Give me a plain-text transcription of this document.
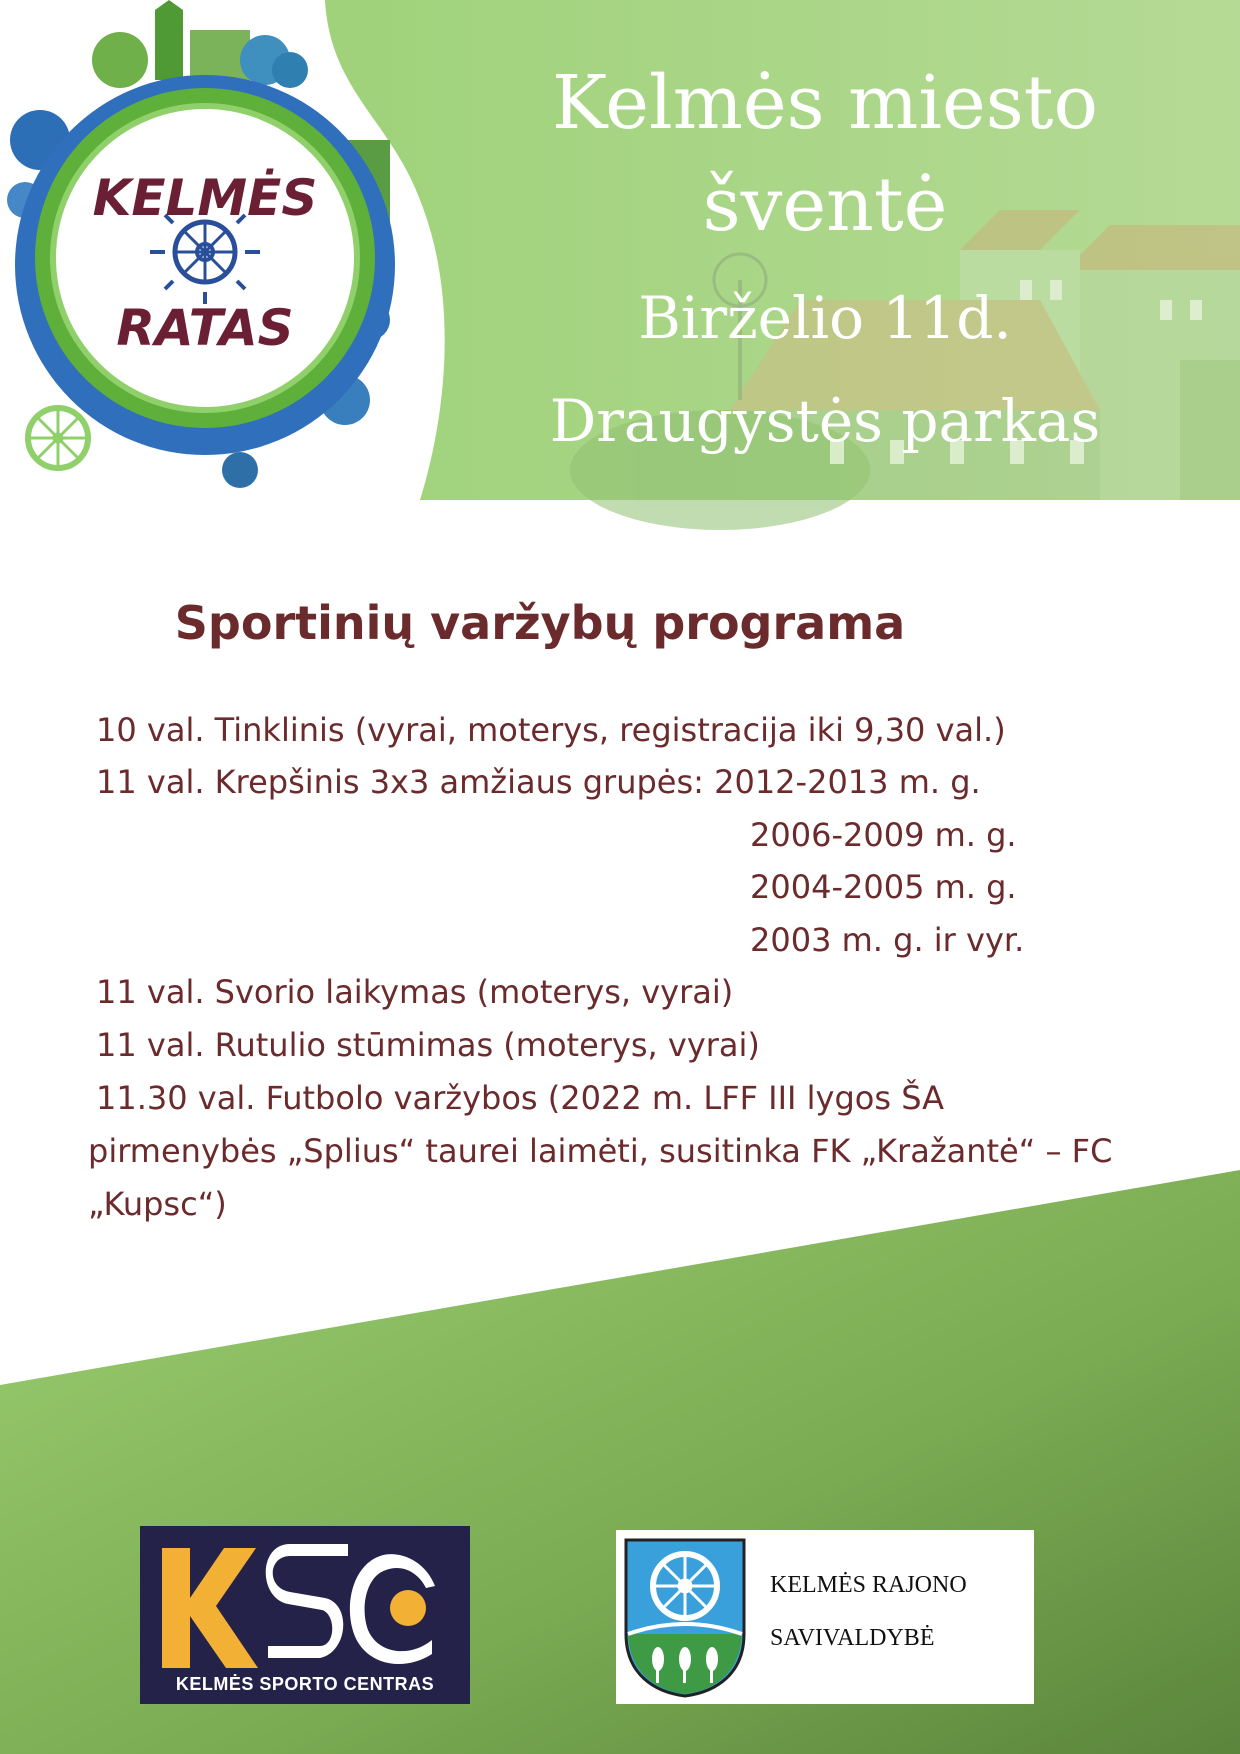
KELMĖS
RATAS
Kelmės miesto
šventė
Birželio 11d.
Draugystės parkas
Sportinių varžybų programa
10 val. Tinklinis (vyrai, moterys, registracija iki 9,30 val.)
11 val. Krepšinis 3x3 amžiaus grupės: 2012-2013 m. g.
2006-2009 m. g.
2004-2005 m. g.
2003 m. g. ir vyr.
11 val. Svorio laikymas (moterys, vyrai)
11 val. Rutulio stūmimas (moterys, vyrai)
11.30 val. Futbolo varžybos (2022 m. LFF III lygos ŠA
pirmenybės „Splius“ taurei laimėti, susitinka FK „Kražantė“ – FC
„Kupsc“)
KELMĖS SPORTO CENTRAS
KELMĖS RAJONO
SAVIVALDYBĖ
